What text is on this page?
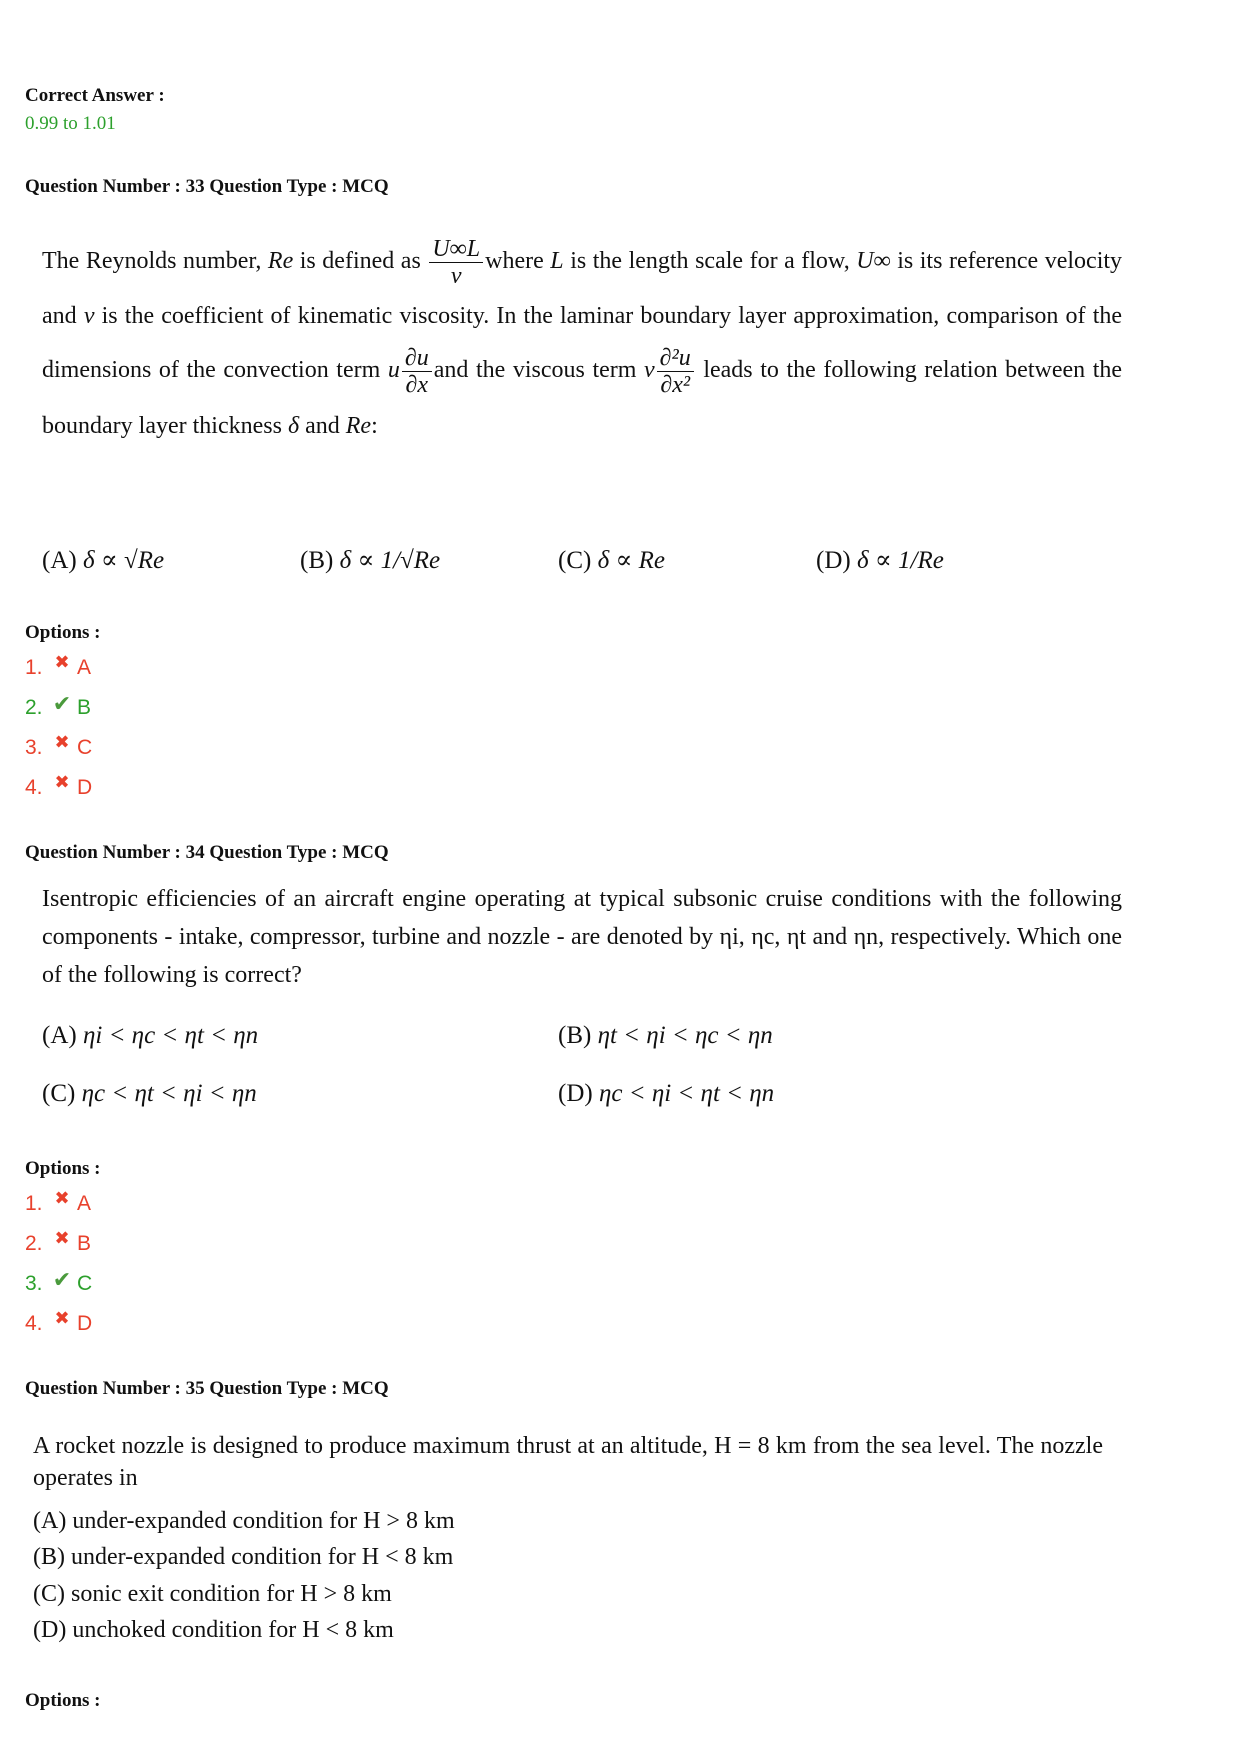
Correct Answer :
0.99 to 1.01
Question Number : 33 Question Type : MCQ
The Reynolds number, Re is defined as $\frac{U\infty L}{\nu}$ where L is the length scale for a flow, U∞ is its reference velocity and ν is the coefficient of kinematic viscosity. In the laminar boundary layer approximation, comparison of the dimensions of the convection term u $\frac{\partial u}{\partial x}$ and the viscous term ν $\frac{\text{∂²u}}{\text{∂x²}}$ leads to the following relation between the boundary layer thickness δ and Re:
(A) δ ∝ √Re	(B) δ ∝ 1/√Re	(C) δ ∝ Re	(D) δ ∝ 1/Re
Options :
1. ✖ A
2. ✔ B
3. ✖ C
4. ✖ D
Question Number : 34 Question Type : MCQ
Isentropic efficiencies of an aircraft engine operating at typical subsonic cruise conditions with the following components - intake, compressor, turbine and nozzle - are denoted by ηi, ηc, ηt and ηn, respectively. Which one of the following is correct?
(A) ηi < ηc < ηt < ηn	(B) ηt < ηi < ηc < ηn
(C) ηc < ηt < ηi < ηn	(D) ηc < ηi < ηt < ηn
Options :
1. ✖ A
2. ✖ B
3. ✔ C
4. ✖ D
Question Number : 35 Question Type : MCQ
A rocket nozzle is designed to produce maximum thrust at an altitude, H = 8 km from the sea level. The nozzle operates in
(A) under-expanded condition for H > 8 km
(B) under-expanded condition for H < 8 km
(C) sonic exit condition for H > 8 km
(D) unchoked condition for H < 8 km
Options :
